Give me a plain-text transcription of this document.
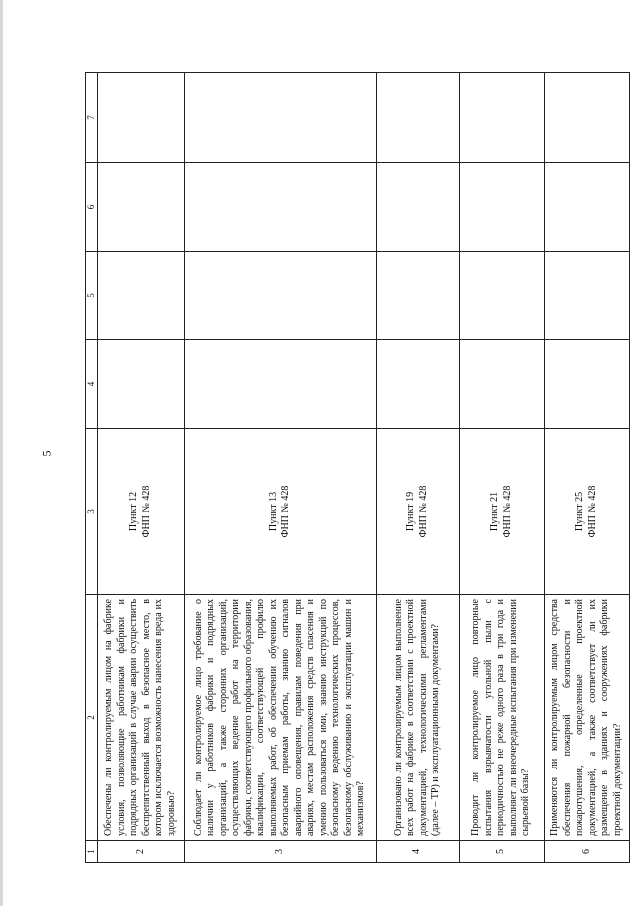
5
1	2	3	4	5	6	7
2	Обеспечены ли контролируемым лицом на фабрике условия, позволяющие работникам фабрики и подрядных организаций в случае аварии осуществить беспрепятственный выход в безопасное место, в котором исключается возможность нанесения вреда их здоровью?	Пункт 12 ФНП № 428				

3	Соблюдает ли контролируемое лицо требование о наличии у работников фабрики и подрядных организаций, а также сторонних организаций, осуществляющих ведение работ на территории фабрики, соответствующего профильного образования, квалификации, соответствующей профилю выполняемых работ, об обеспечении обучению их безопасным приемам работы, знанию сигналов аварийного оповещения, правилам поведения при авариях, местам расположения средств спасения и умению пользоваться ими, знанию инструкций по безопасному ведению технологических процессов, безопасному обслуживанию и эксплуатации машин и механизмов?	Пункт 13 ФНП № 428				

4	Организовано ли контролируемым лицом выполнение всех работ на фабрике в соответствии с проектной документацией, технологическими регламентами (далее – ТР) и эксплуатационными документами?	Пункт 19 ФНП № 428				

5	Проводит ли контролируемое лицо повторные испытания взрывчатости угольной пыли с периодичностью не реже одного раза в три года и выполняет ли внеочередные испытания при изменении сырьевой базы?	Пункт 21 ФНП № 428				

6	Применяются ли контролируемым лицом средства обеспечения пожарной безопасности и пожаротушения, определенные проектной документацией, а также соответствует ли их размещение в зданиях и сооружениях фабрики проектной документации?	Пункт 25 ФНП № 428				
